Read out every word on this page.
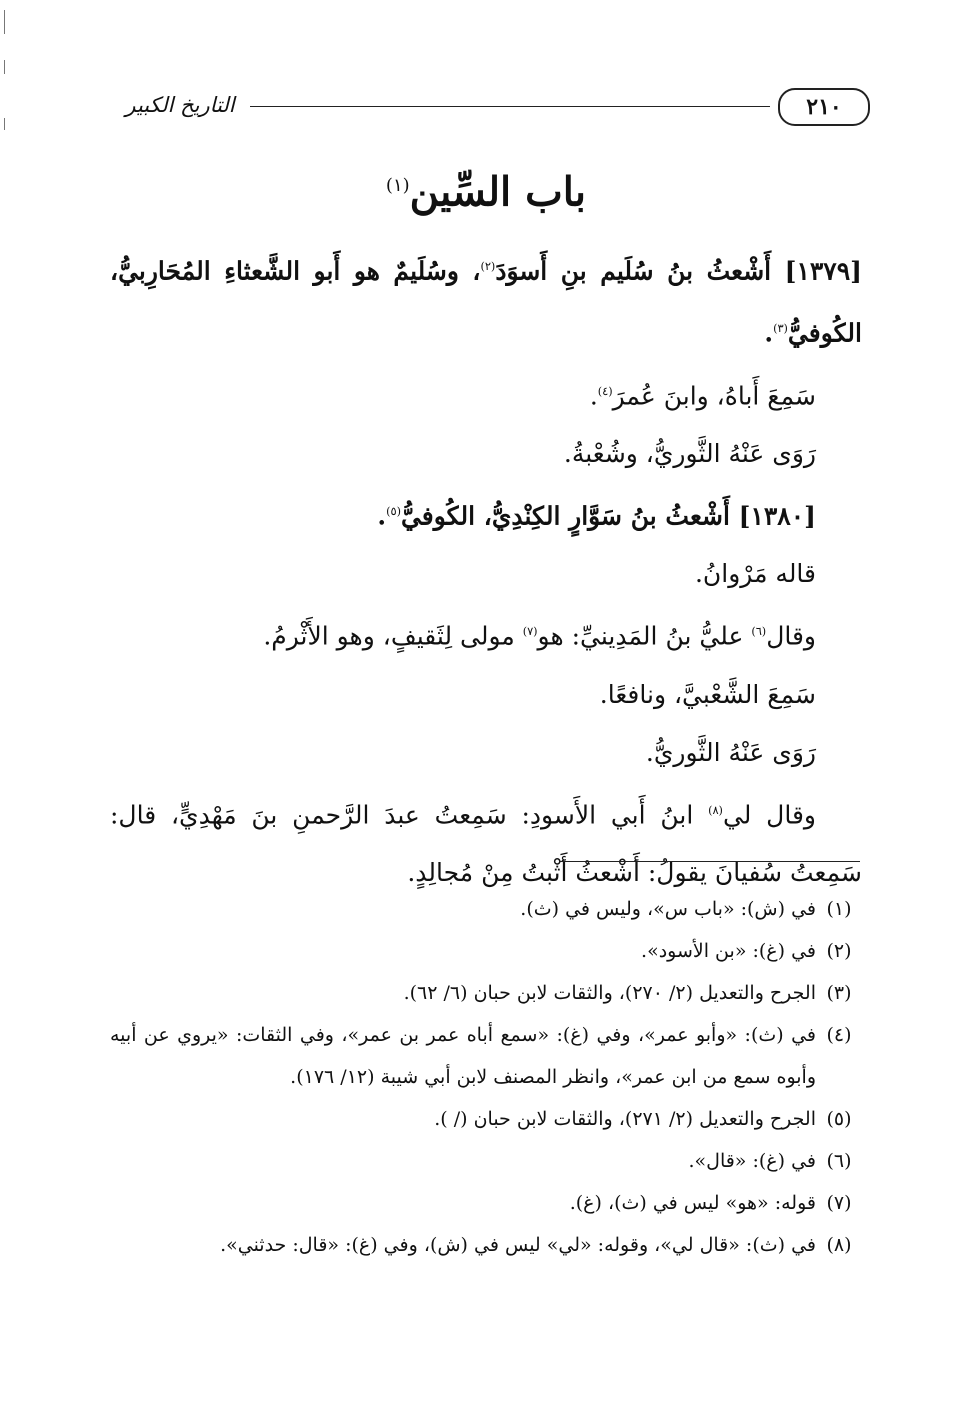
التاريخ الكبير	٢١٠
باب السِّين$^{(١)}$

[١٣٧٩] أَشْعثُ بنُ سُلَيم بنِ أَسوَدَ$^{(٢)}$، وسُلَيمٌ هو أَبو الشَّعثاءِ المُحَارِبيُّ، الكُوفيُّ$^{(٣)}$.

سَمِعَ أَباهُ، وابنَ عُمرَ$^{(٤)}$.

رَوَى عَنْهُ الثَّوريُّ، وشُعْبةُ.

[١٣٨٠] أَشْعثُ بنُ سَوَّارٍ الكِنْدِيُّ، الكُوفيُّ$^{(٥)}$.

قاله مَرْوانُ.

وقال$^{(٦)}$ عليُّ بنُ المَدِينيِّ: هو$^{(٧)}$ مولى لِثَقيفٍ، وهو الأَثْرمُ.

سَمِعَ الشَّعْبيَّ، ونافعًا.

رَوَى عَنْهُ الثَّوريُّ.

وقال لي$^{(٨)}$ ابنُ أَبي الأَسودِ: سَمِعتُ عبدَ الرَّحمنِ بنَ مَهْدِيٍّ، قال: سَمِعتُ سُفيانَ يقولُ: أَشْعثُ أَثْبتُ مِنْ مُجالِدٍ.

(١)
في (ش): «باب س»، وليس في (ث).
(٢)
في (غ): «بن الأسود».
(٣)
الجرح والتعديل (٢/ ٢٧٠)، والثقات لابن حبان (٦/ ٦٢).
(٤)
في (ث): «وأبو عمر»، وفي (غ): «سمع أباه عمر بن عمر»، وفي الثقات: «يروي عن أبيه وأبوه سمع من ابن عمر»، وانظر المصنف لابن أبي شيبة (١٢/ ١٧٦).
(٥)
الجرح والتعديل (٢/ ٢٧١)، والثقات لابن حبان (/ ).
(٦)
في (غ): «قال».
(٧)
قوله: «هو» ليس في (ث)، (غ).
(٨)
في (ث): «قال لي»، وقوله: «لي» ليس في (ش)، وفي (غ): «قال: حدثني».
